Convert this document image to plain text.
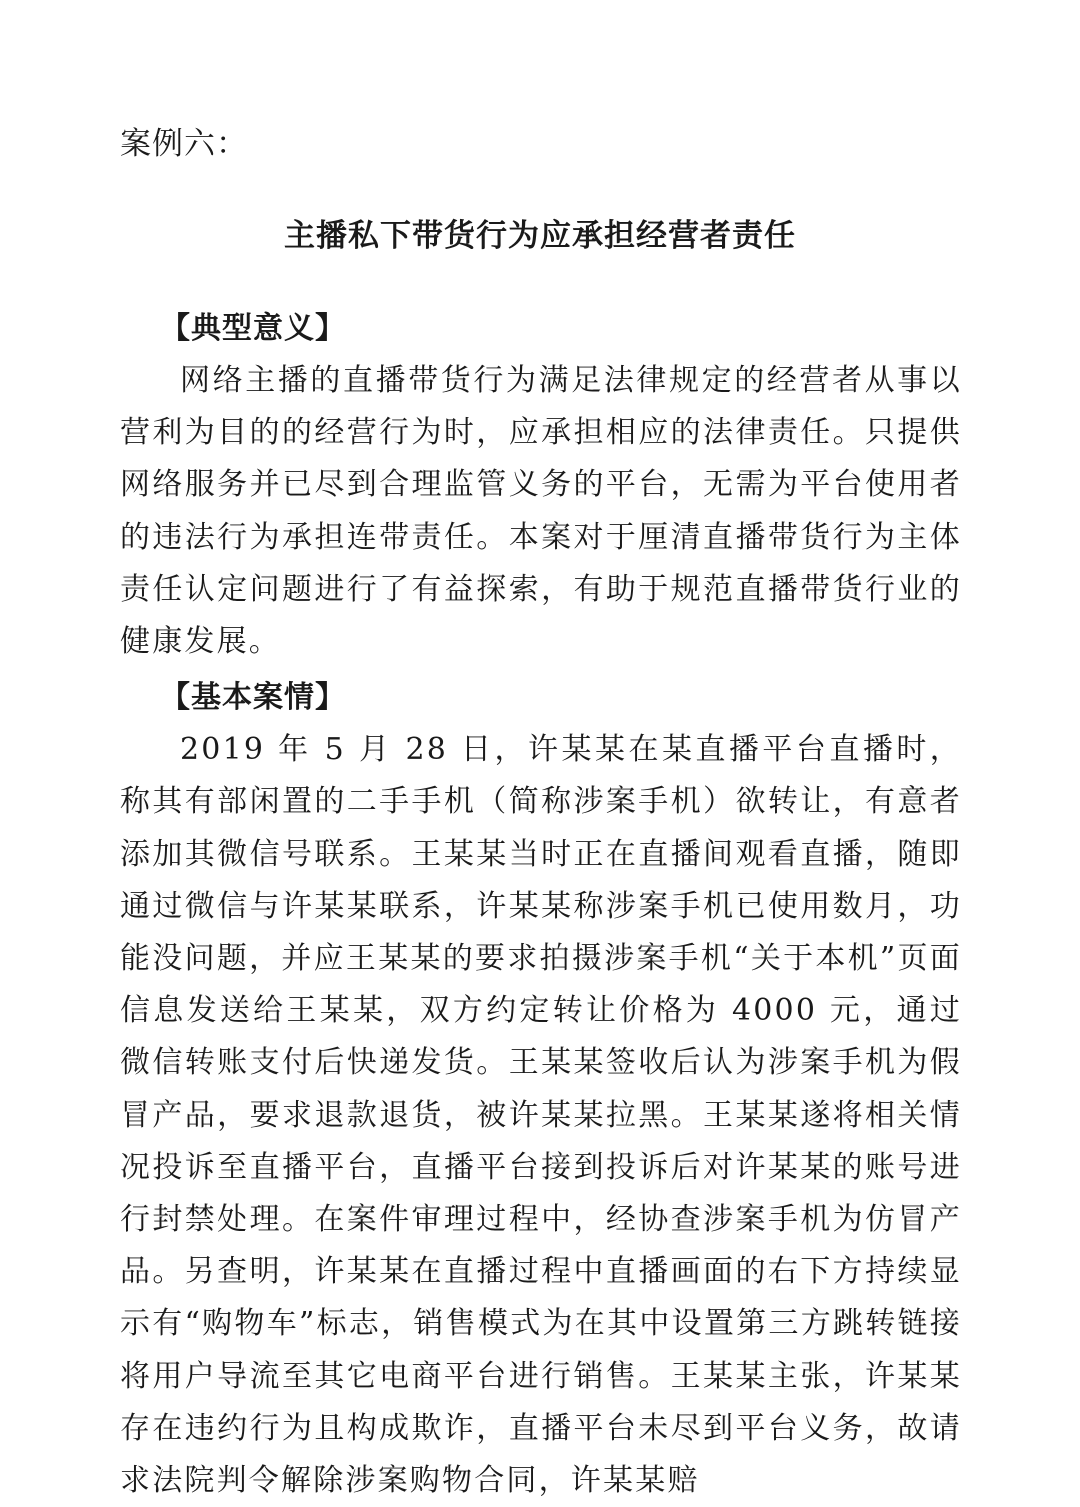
案例六：
主播私下带货行为应承担经营者责任
【典型意义】

网络主播的直播带货行为满足法律规定的经营者从事以营利为目的的经营行为时，应承担相应的法律责任。只提供网络服务并已尽到合理监管义务的平台，无需为平台使用者的违法行为承担连带责任。本案对于厘清直播带货行为主体责任认定问题进行了有益探索，有助于规范直播带货行业的健康发展。

【基本案情】

2019 年 5 月 28 日，许某某在某直播平台直播时，称其有部闲置的二手手机（简称涉案手机）欲转让，有意者添加其微信号联系。王某某当时正在直播间观看直播，随即通过微信与许某某联系，许某某称涉案手机已使用数月，功能没问题，并应王某某的要求拍摄涉案手机“关于本机”页面信息发送给王某某，双方约定转让价格为 4000 元，通过微信转账支付后快递发货。王某某签收后认为涉案手机为假冒产品，要求退款退货，被许某某拉黑。王某某遂将相关情况投诉至直播平台，直播平台接到投诉后对许某某的账号进行封禁处理。在案件审理过程中，经协查涉案手机为仿冒产品。另查明，许某某在直播过程中直播画面的右下方持续显示有“购物车”标志，销售模式为在其中设置第三方跳转链接将用户导流至其它电商平台进行销售。王某某主张，许某某存在违约行为且构成欺诈，直播平台未尽到平台义务，故请求法院判令解除涉案购物合同，许某某赔
